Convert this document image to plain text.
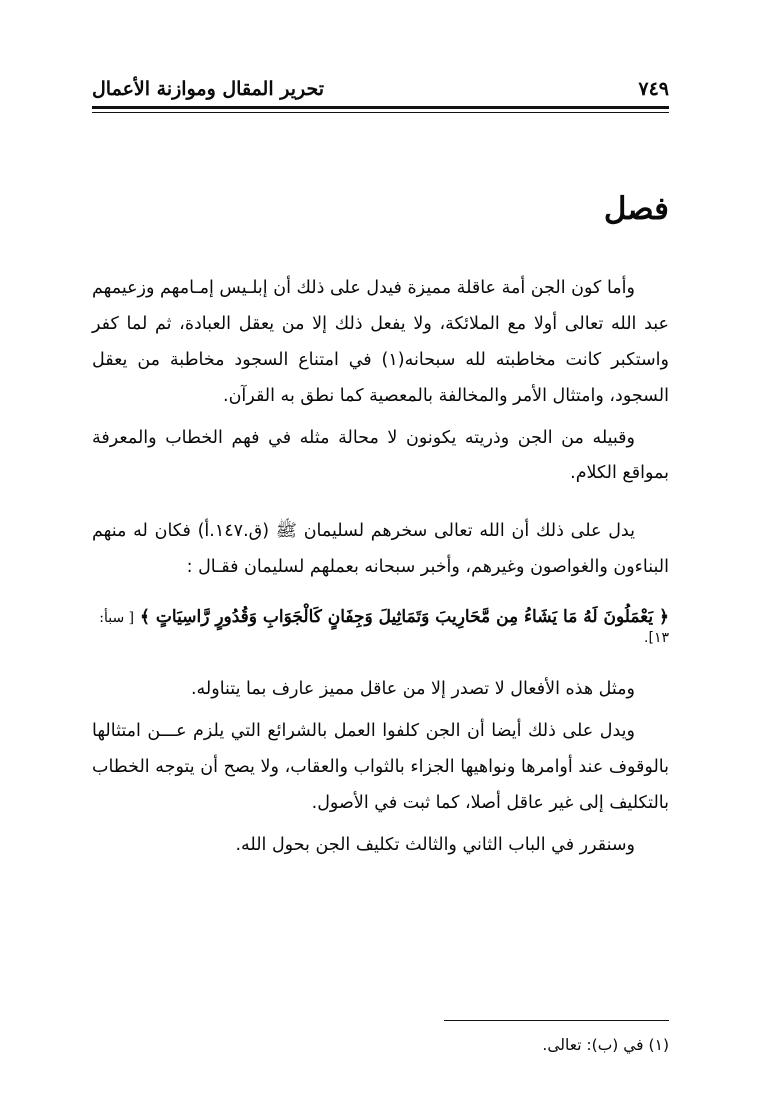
تحرير المقال وموازنة الأعمال	٧٤٩
فصل

وأما كون الجن أمة عاقلة مميزة فيدل على ذلك أن إبلـيس إمـامهم وزعيمهم عبد الله تعالى أولا مع الملائكة، ولا يفعل ذلك إلا من يعقل العبادة، ثم لما كفر واستكبر كانت مخاطبته لله سبحانه(١) في امتناع السجود مخاطبة من يعقل السجود، وامتثال الأمر والمخالفة بالمعصية كما نطق به القرآن.

وقبيله من الجن وذريته يكونون لا محالة مثله في فهم الخطاب والمعرفة بمواقع الكلام.

يدل على ذلك أن الله تعالى سخرهم لسليمان ﷺ (ق.١٤٧.أ) فكان له منهم البناءون والغواصون وغيرهم، وأخبر سبحانه بعملهم لسليمان فقـال :

﴿ يَعْمَلُونَ لَهُ مَا يَشَاءُ مِن مَّحَارِيبَ وَتَمَاثِيلَ وَجِفَانٍ كَالْجَوَابِ وَقُدُورٍ رَّاسِيَاتٍ ﴾ [ سبأ:

١٣].

ومثل هذه الأفعال لا تصدر إلا من عاقل مميز عارف بما يتناوله.

ويدل على ذلك أيضا أن الجن كلفوا العمل بالشرائع التي يلزم عـــن امتثالها بالوقوف عند أوامرها ونواهيها الجزاء بالثواب والعقاب، ولا يصح أن يتوجه الخطاب بالتكليف إلى غير عاقل أصلا، كما ثبت في الأصول.

وسنقرر في الباب الثاني والثالث تكليف الجن بحول الله.

(١) في (ب): تعالى.
